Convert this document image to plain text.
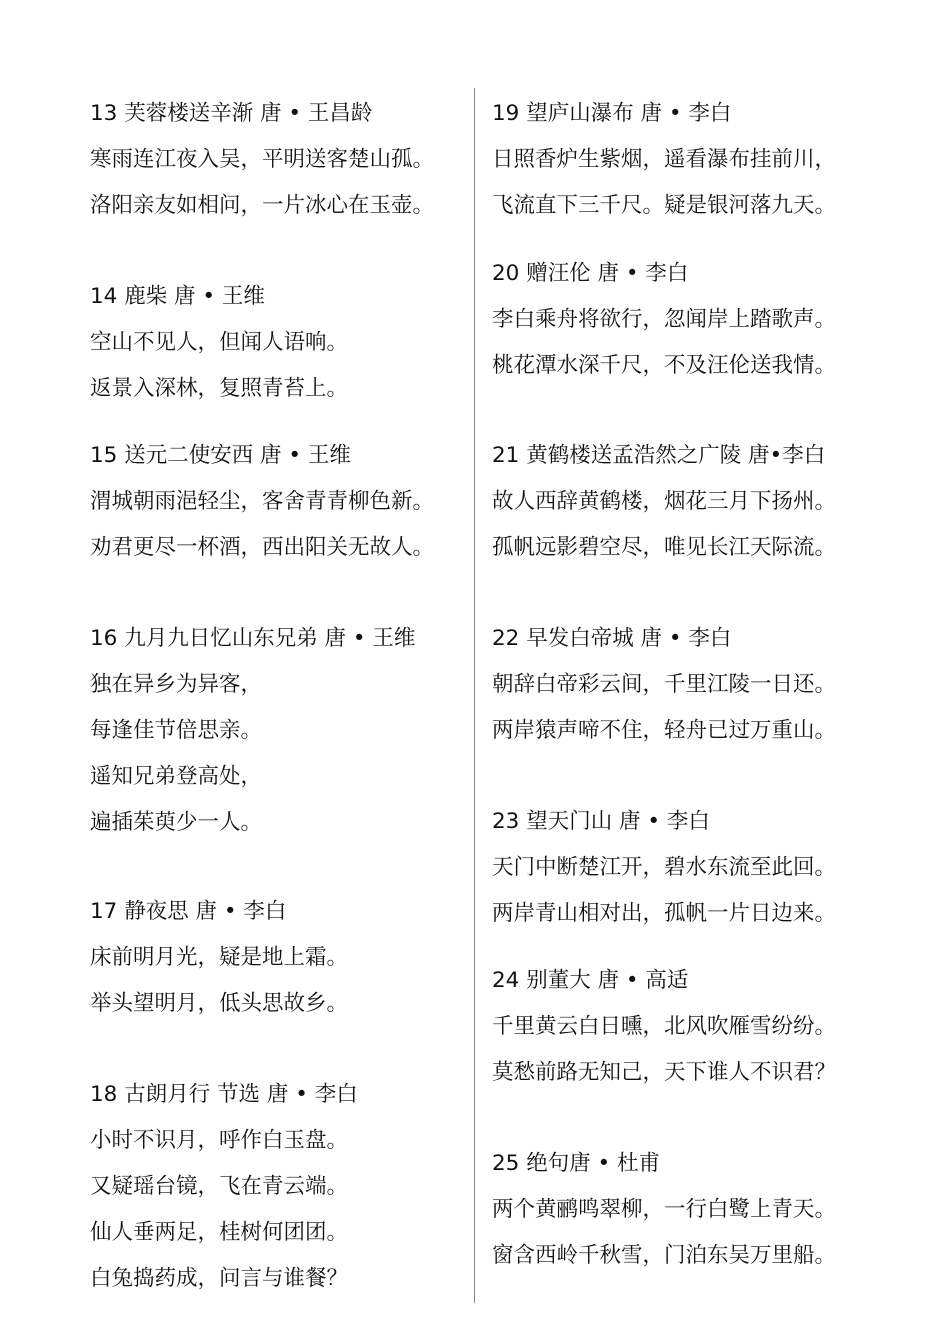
13 芙蓉楼送辛渐 唐 • 王昌龄
寒雨连江夜入吴，平明送客楚山孤。
洛阳亲友如相问，一片冰心在玉壶。
14 鹿柴 唐 • 王维
空山不见人，但闻人语响。
返景入深林，复照青苔上。
15 送元二使安西 唐 • 王维
渭城朝雨浥轻尘，客舍青青柳色新。
劝君更尽一杯酒，西出阳关无故人。
16 九月九日忆山东兄弟 唐 • 王维
独在异乡为异客，
每逢佳节倍思亲。
遥知兄弟登高处，
遍插茱萸少一人。
17 静夜思 唐 • 李白
床前明月光，疑是地上霜。
举头望明月，低头思故乡。
18 古朗月行 节选 唐 • 李白
小时不识月，呼作白玉盘。
又疑瑶台镜，飞在青云端。
仙人垂两足，桂树何团团。
白兔捣药成，问言与谁餐？
19 望庐山瀑布 唐 • 李白
日照香炉生紫烟，遥看瀑布挂前川，
飞流直下三千尺。疑是银河落九天。
20 赠汪伦 唐 • 李白
李白乘舟将欲行，忽闻岸上踏歌声。
桃花潭水深千尺，不及汪伦送我情。
21 黄鹤楼送孟浩然之广陵 唐•李白
故人西辞黄鹤楼，烟花三月下扬州。
孤帆远影碧空尽，唯见长江天际流。
22 早发白帝城 唐 • 李白
朝辞白帝彩云间，千里江陵一日还。
两岸猿声啼不住，轻舟已过万重山。
23 望天门山 唐 • 李白
天门中断楚江开，碧水东流至此回。
两岸青山相对出，孤帆一片日边来。
24 别董大 唐 • 高适
千里黄云白日曛，北风吹雁雪纷纷。
莫愁前路无知己，天下谁人不识君？
25 绝句唐 • 杜甫
两个黄鹂鸣翠柳，一行白鹭上青天。
窗含西岭千秋雪，门泊东吴万里船。
